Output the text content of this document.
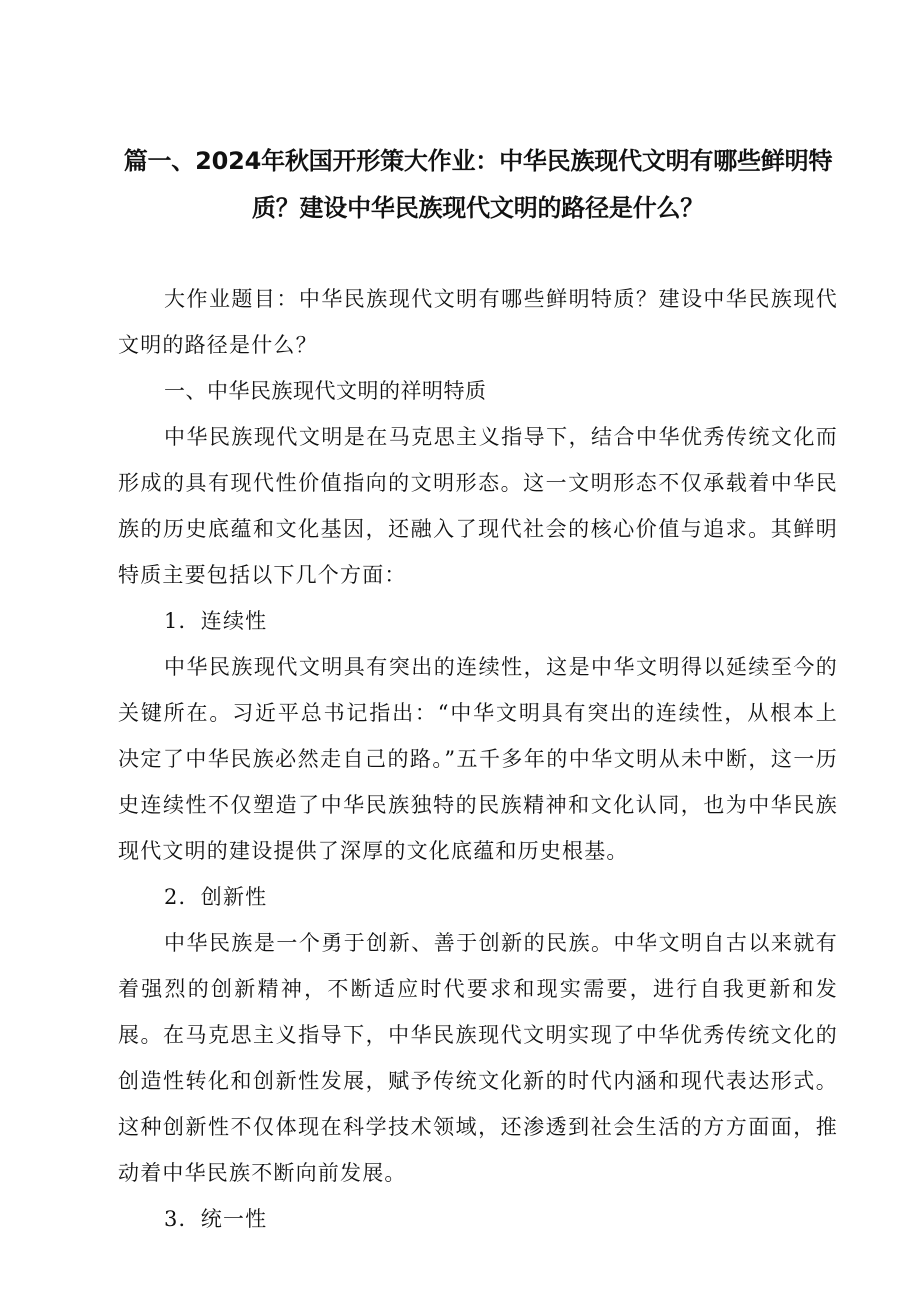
篇一、2024年秋国开形策大作业：中华民族现代文明有哪些鲜明特质？建设中华民族现代文明的路径是什么？

大作业题目：中华民族现代文明有哪些鲜明特质？建设中华民族现代文明的路径是什么？

一、中华民族现代文明的祥明特质

中华民族现代文明是在马克思主义指导下，结合中华优秀传统文化而形成的具有现代性价值指向的文明形态。这一文明形态不仅承载着中华民族的历史底蕴和文化基因，还融入了现代社会的核心价值与追求。其鲜明特质主要包括以下几个方面：

1．连续性

中华民族现代文明具有突出的连续性，这是中华文明得以延续至今的关键所在。习近平总书记指出：“中华文明具有突出的连续性，从根本上决定了中华民族必然走自己的路。”五千多年的中华文明从未中断，这一历史连续性不仅塑造了中华民族独特的民族精神和文化认同，也为中华民族现代文明的建设提供了深厚的文化底蕴和历史根基。

2．创新性

中华民族是一个勇于创新、善于创新的民族。中华文明自古以来就有着强烈的创新精神，不断适应时代要求和现实需要，进行自我更新和发展。在马克思主义指导下，中华民族现代文明实现了中华优秀传统文化的创造性转化和创新性发展，赋予传统文化新的时代内涵和现代表达形式。这种创新性不仅体现在科学技术领域，还渗透到社会生活的方方面面，推动着中华民族不断向前发展。

3．统一性
